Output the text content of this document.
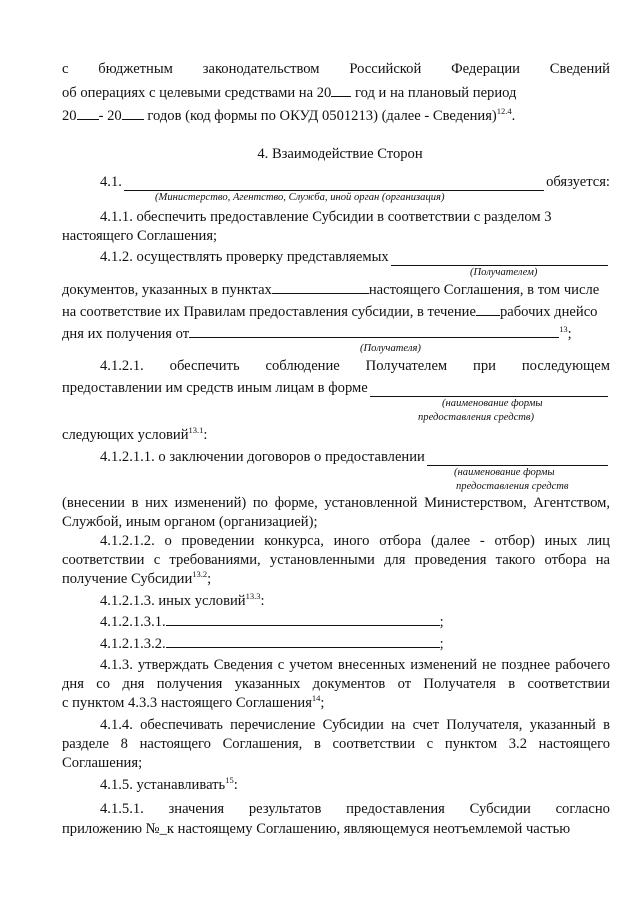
с бюджетным законодательством Российской Федерации Сведений
об операциях с целевыми средствами на 20 год и на плановый период
20 - 20 годов (код формы по ОКУД 0501213) (далее - Сведения)$^{12.4}$.
4. Взаимодействие Сторон
4.1.	обязуется:
(Министерство, Агентство, Служба, иной орган (организация)
4.1.1. обеспечить предоставление Субсидии в соответствии с разделом 3
настоящего Соглашения;
4.1.2. осуществлять проверку представляемых
(Получателем)
документов, указанных в пунктах	настоящего Соглашения, в том числе
на соответствие их Правилам предоставления субсидии, в течение рабочих днейсо
дня их получения от	$^{13}$;
(Получателя)
4.1.2.1. обеспечить соблюдение Получателем при последующем
предоставлении им средств иным лицам в форме
(наименование формы
предоставления средств)
следующих условий$^{13.1}$:
4.1.2.1.1. о заключении договоров о предоставлении
(наименование формы
предоставления средств
(внесении в них изменений) по форме, установленной Министерством, Агентством,
Службой, иным органом (организацией);
4.1.2.1.2. о проведении конкурса, иного отбора (далее - отбор) иных лиц
соответствии с требованиями, установленными для проведения такого отбора на
получение Субсидии$^{13.2}$;
4.1.2.1.3. иных условий$^{13.3}$:
4.1.2.1.3.1.	;
4.1.2.1.3.2.	;
4.1.3. утверждать Сведения с учетом внесенных изменений не позднее рабочего
дня со дня получения указанных документов от Получателя в соответствии
с пунктом 4.3.3 настоящего Соглашения$^{14}$;
4.1.4. обеспечивать перечисление Субсидии на счет Получателя, указанный в
разделе 8 настоящего Соглашения, в соответствии с пунктом 3.2 настоящего
Соглашения;
4.1.5. устанавливать$^{15}$:
4.1.5.1. значения результатов предоставления Субсидии согласно
приложению №_к настоящему Соглашению, являющемуся неотъемлемой частью
